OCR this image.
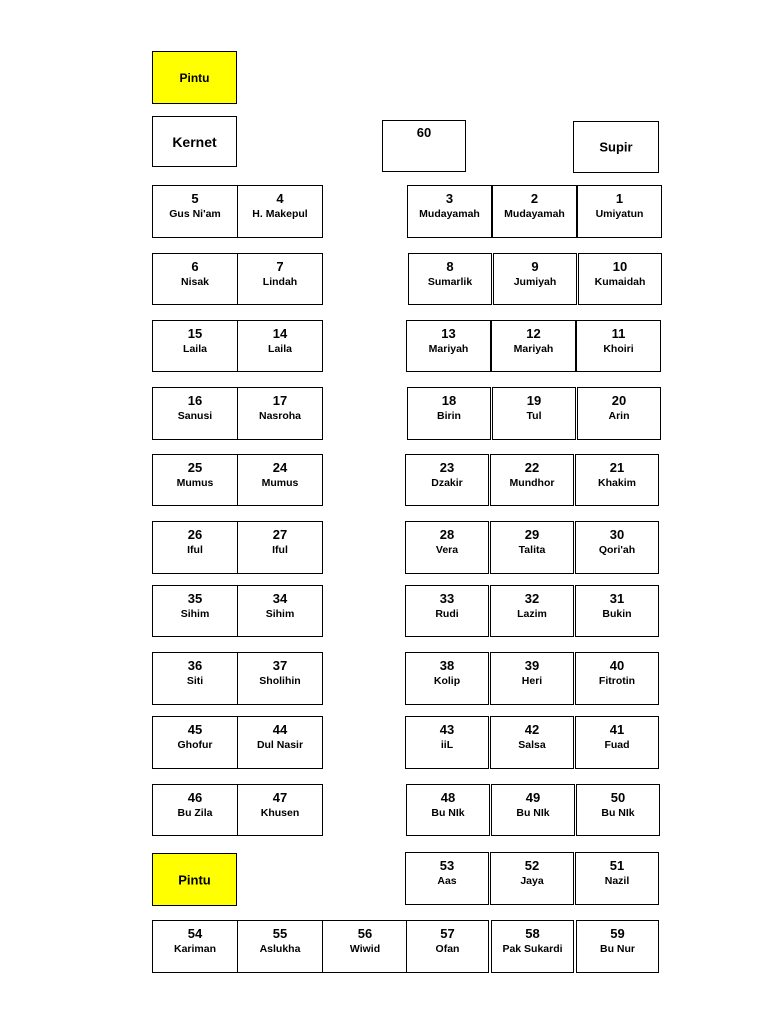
Pintu
Kernet
60
Supir
Pintu
5
Gus Ni'am
4
H. Makepul
3
Mudayamah
2
Mudayamah
1
Umiyatun
6
Nisak
7
Lindah
8
Sumarlik
9
Jumiyah
10
Kumaidah
15
Laila
14
Laila
13
Mariyah
12
Mariyah
11
Khoiri
16
Sanusi
17
Nasroha
18
Birin
19
Tul
20
Arin
25
Mumus
24
Mumus
23
Dzakir
22
Mundhor
21
Khakim
26
Iful
27
Iful
28
Vera
29
Talita
30
Qori'ah
35
Sihim
34
Sihim
33
Rudi
32
Lazim
31
Bukin
36
Siti
37
Sholihin
38
Kolip
39
Heri
40
Fitrotin
45
Ghofur
44
Dul Nasir
43
iiL
42
Salsa
41
Fuad
46
Bu Zila
47
Khusen
48
Bu NIk
49
Bu NIk
50
Bu NIk
53
Aas
52
Jaya
51
Nazil
54
Kariman
55
Aslukha
56
Wiwid
57
Ofan
58
Pak Sukardi
59
Bu Nur
